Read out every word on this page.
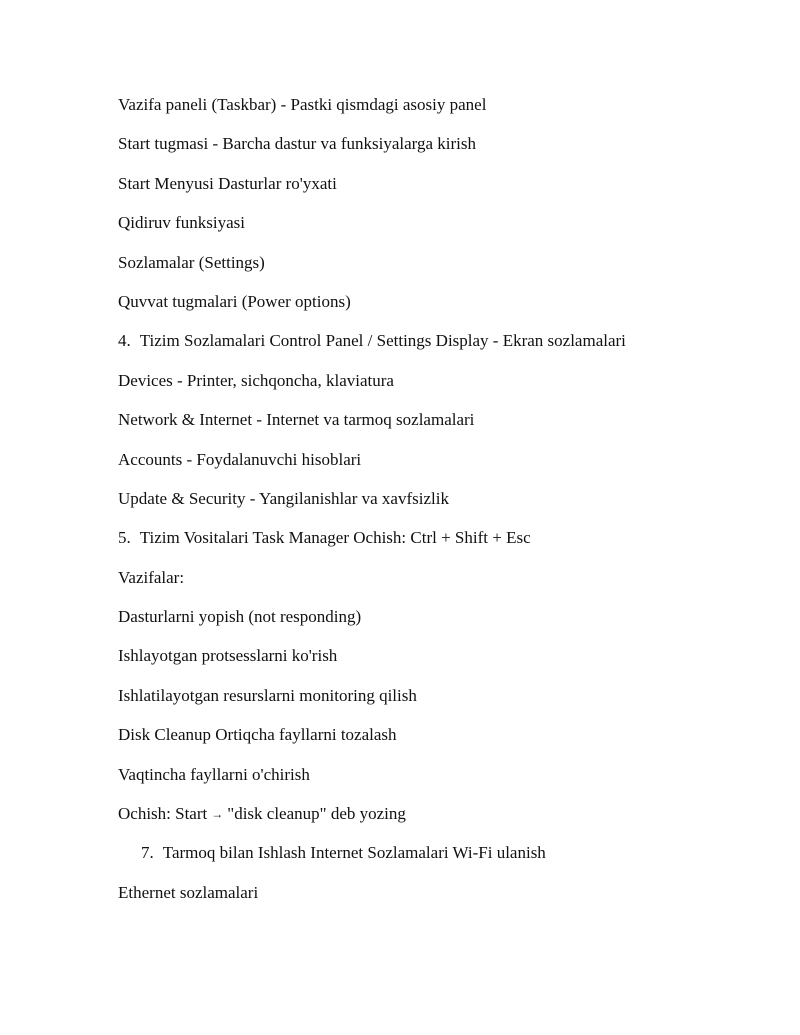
Vazifa paneli (Taskbar) - Pastki qismdagi asosiy panel
Start tugmasi - Barcha dastur va funksiyalarga kirish
Start Menyusi Dasturlar ro'yxati
Qidiruv funksiyasi
Sozlamalar (Settings)
Quvvat tugmalari (Power options)
4. Tizim Sozlamalari Control Panel / Settings Display - Ekran sozlamalari
Devices - Printer, sichqoncha, klaviatura
Network & Internet - Internet va tarmoq sozlamalari
Accounts - Foydalanuvchi hisoblari
Update & Security - Yangilanishlar va xavfsizlik
5. Tizim Vositalari Task Manager Ochish: Ctrl + Shift + Esc
Vazifalar:
Dasturlarni yopish (not responding)
Ishlayotgan protsesslarni ko'rish
Ishlatilayotgan resurslarni monitoring qilish
Disk Cleanup Ortiqcha fayllarni tozalash
Vaqtincha fayllarni o'chirish
Ochish: Start → "disk cleanup" deb yozing
7. Tarmoq bilan Ishlash Internet Sozlamalari Wi-Fi ulanish
Ethernet sozlamalari
